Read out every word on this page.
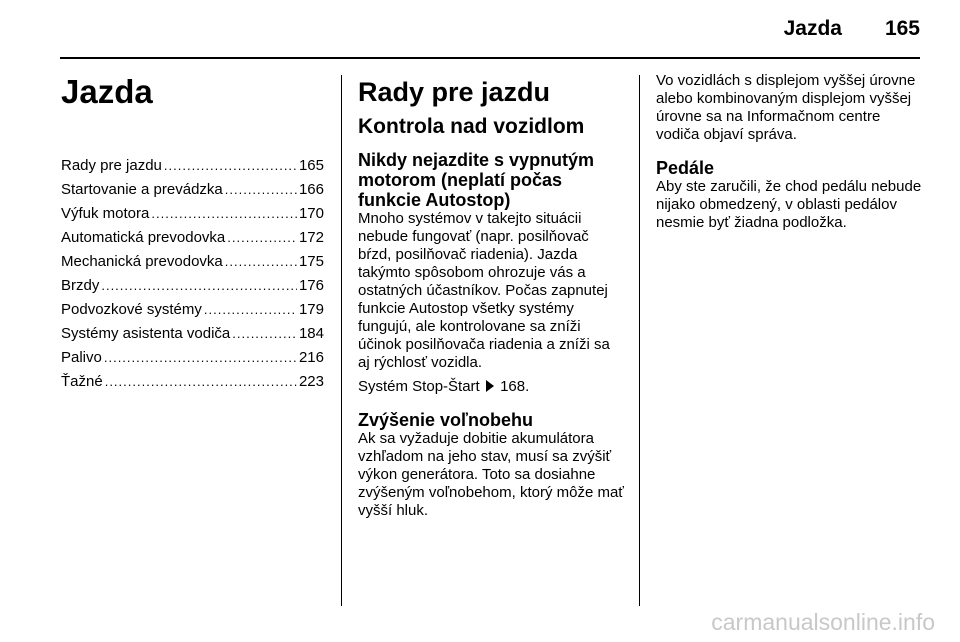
Jazda 165
Jazda
Rady pre jazdu .....	165
Startovanie a prevádzka .....	166
Výfuk motora .....	170
Automatická prevodovka .....	172
Mechanická prevodovka .....	175
Brzdy .....	176
Podvozkové systémy .....	179
Systémy asistenta vodiča .....	184
Palivo .....	216
Ťažné .....	223
Rady pre jazdu
Kontrola nad vozidlom
Nikdy nejazdite s vypnutým motorom (neplatí počas funkcie Autostop)

Mnoho systémov v takejto situácii nebude fungovať (napr. posilňovač bŕzd, posilňovač riadenia). Jazda takýmto spôsobom ohrozuje vás a ostatných účastníkov. Počas zapnutej funkcie Autostop všetky systémy fungujú, ale kontrolovane sa zníži účinok posilňovača riadenia a zníži sa aj rýchlosť vozidla.

Systém Stop-Štart 168.

Zvýšenie voľnobehu

Ak sa vyžaduje dobitie akumulátora vzhľadom na jeho stav, musí sa zvýšiť výkon generátora. Toto sa dosiahne zvýšeným voľnobehom, ktorý môže mať vyšší hluk.

Vo vozidlách s displejom vyššej úrovne alebo kombinovaným displejom vyššej úrovne sa na Informačnom centre vodiča objaví správa.

Pedále

Aby ste zaručili, že chod pedálu nebude nijako obmedzený, v oblasti pedálov nesmie byť žiadna podložka.

carmanualsonline.info
